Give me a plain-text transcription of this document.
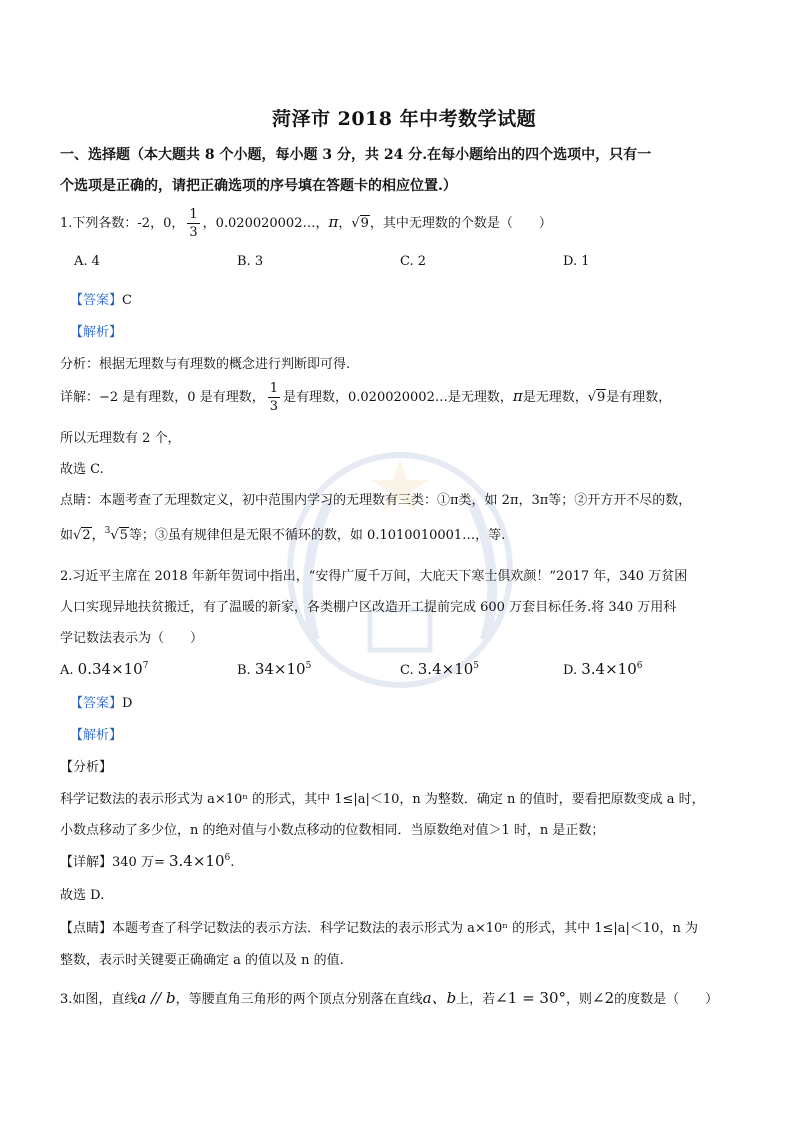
菏泽市 2018 年中考数学试题
一、选择题（本大题共 8 个小题，每小题 3 分，共 24 分.在每小题给出的四个选项中，只有一
个选项是正确的，请把正确选项的序号填在答题卡的相应位置.）
1.下列各数：-2，0， $\frac{1}{3}$ ，0.020020002…，π，√9，其中无理数的个数是（　　）
A. 4	B. 3	C. 2	D. 1
【答案】C
【解析】
分析：根据无理数与有理数的概念进行判断即可得.
详解：−2 是有理数，0 是有理数， $\frac{1}{3}$ 是有理数，0.020020002…是无理数，π是无理数，√9是有理数，
所以无理数有 2 个，
故选 C.
点睛：本题考查了无理数定义，初中范围内学习的无理数有三类：①π类，如 2π，3π等；②开方开不尽的数，
如√2，$^3$√5等；③虽有规律但是无限不循环的数，如 0.1010010001…，等.
2.习近平主席在 2018 年新年贺词中指出，“安得广厦千万间，大庇天下寒士俱欢颜！”2017 年，340 万贫困
人口实现异地扶贫搬迁，有了温暖的新家，各类棚户区改造开工提前完成 600 万套目标任务.将 340 万用科
学记数法表示为（　　）
A. $0.34\times 10^7$	B. $34\times 10^5$	C. $3.4\times 10^5$	D. $3.4\times 10^6$
【答案】D
【解析】
【分析】
科学记数法的表示形式为 a×10ⁿ 的形式，其中 1≤|a|＜10，n 为整数．确定 n 的值时，要看把原数变成 a 时，
小数点移动了多少位，n 的绝对值与小数点移动的位数相同．当原数绝对值＞1 时，n 是正数；
【详解】340 万= $3.4\times 10^6$.
故选 D.
【点睛】本题考查了科学记数法的表示方法．科学记数法的表示形式为 a×10ⁿ 的形式，其中 1≤|a|＜10，n 为
整数，表示时关键要正确确定 a 的值以及 n 的值.
3.如图，直线a // b，等腰直角三角形的两个顶点分别落在直线a、b上，若∠1 = 30°，则∠2的度数是（　　）
